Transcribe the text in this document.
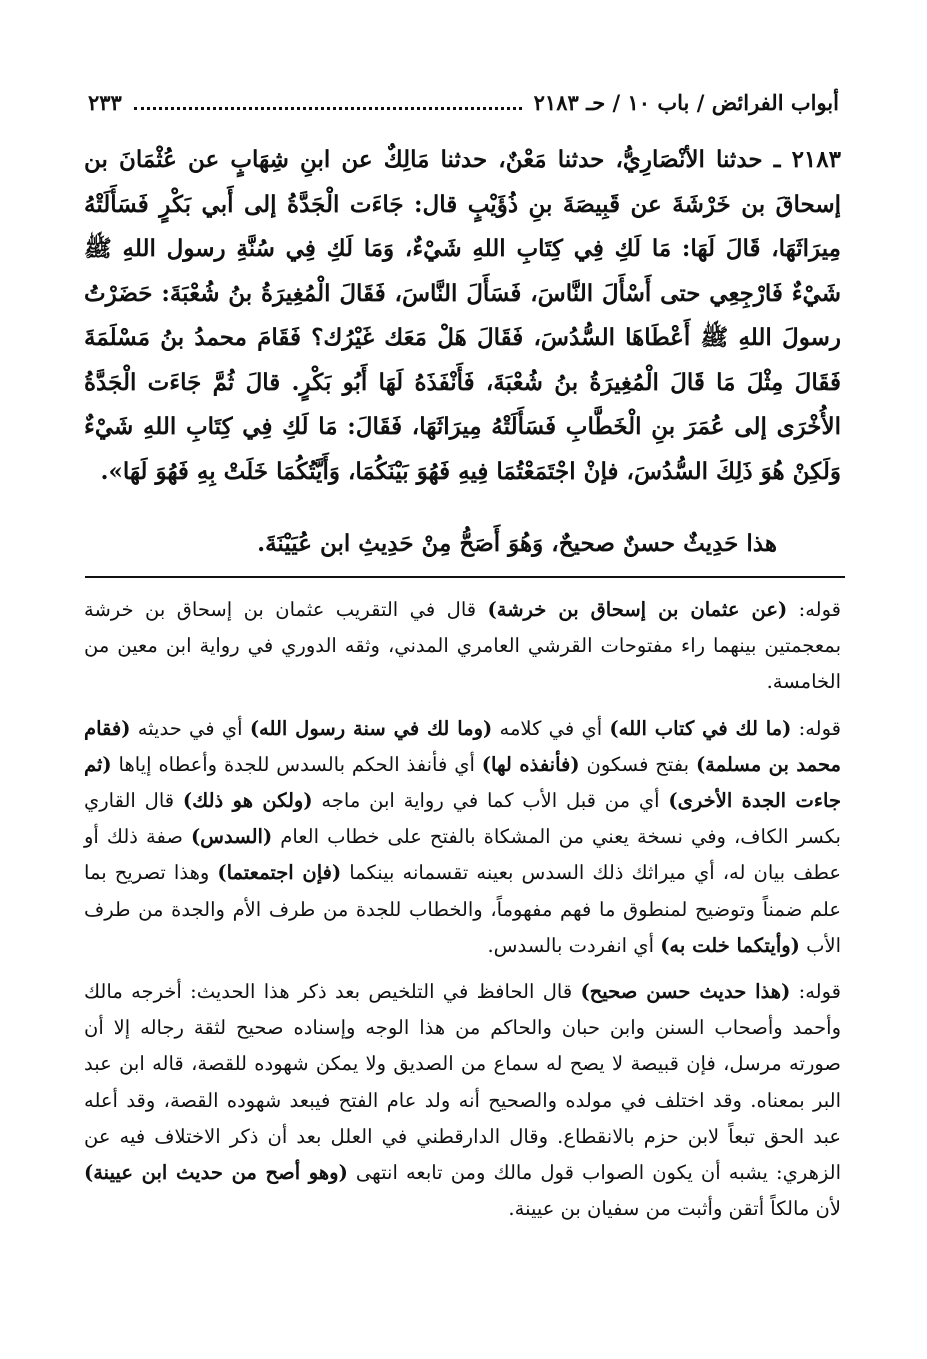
أبواب الفرائض / باب ١٠ / حـ ٢١٨٣
٢٣٣
٢١٨٣ ـ حدثنا الأنْصَارِيُّ، حدثنا مَعْنٌ، حدثنا مَالِكٌ عن ابنِ شِهَابٍ عن عُثْمَانَ بن إسحاقَ بن خَرْشَةَ عن قَبِيصَةَ بنِ ذُؤَيْبٍ قال: جَاءَت الْجَدَّةُ إلى أَبي بَكْرٍ فَسَأَلَتْهُ مِيرَاثَهَا، قَالَ لَهَا: مَا لَكِ فِي كِتَابِ اللهِ شَيْءٌ، وَمَا لَكِ فِي سُنَّةِ رسول اللهِ ﷺ شَيْءٌ فَارْجِعِي حتى أَسْأَلَ النَّاسَ، فَسَأَلَ النَّاسَ، فَقَالَ الْمُغِيرَةُ بنُ شُعْبَةَ: حَضَرْتُ رسولَ اللهِ ﷺ أَعْطَاهَا السُّدُسَ، فَقَالَ هَلْ مَعَك غَيْرُك؟ فَقَامَ محمدُ بنُ مَسْلَمَةَ فَقَالَ مِثْلَ مَا قَالَ الْمُغِيرَةُ بنُ شُعْبَةَ، فَأَنْفَذَهُ لَهَا أَبُو بَكْرٍ. قالَ ثُمَّ جَاءَت الْجَدَّةُ الأُخْرَى إلى عُمَرَ بنِ الْخَطَّابِ فَسَأَلَتْهُ مِيرَاثَهَا، فَقَالَ: مَا لَكِ فِي كِتَابِ اللهِ شَيْءٌ وَلَكِنْ هُوَ ذَلِكَ السُّدُسَ، فإنْ اجْتَمَعْتُمَا فِيهِ فَهُوَ بَيْنَكُمَا، وَأَيَّتُكُمَا خَلَتْ بِهِ فَهُوَ لَهَا».
هذا حَدِيثٌ حسنٌ صحيحٌ، وَهُوَ أَصَحُّ مِنْ حَدِيثِ ابن عُيَيْنَةَ.

قوله: (عن عثمان بن إسحاق بن خرشة) قال في التقريب عثمان بن إسحاق بن خرشة بمعجمتين بينهما راء مفتوحات القرشي العامري المدني، وثقه الدوري في رواية ابن معين من الخامسة.

قوله: (ما لك في كتاب الله) أي في كلامه (وما لك في سنة رسول الله) أي في حديثه (فقام محمد بن مسلمة) بفتح فسكون (فأنفذه لها) أي فأنفذ الحكم بالسدس للجدة وأعطاه إياها (ثم جاءت الجدة الأخرى) أي من قبل الأب كما في رواية ابن ماجه (ولكن هو ذلك) قال القاري بكسر الكاف، وفي نسخة يعني من المشكاة بالفتح على خطاب العام (السدس) صفة ذلك أو عطف بيان له، أي ميراثك ذلك السدس بعينه تقسمانه بينكما (فإن اجتمعتما) وهذا تصريح بما علم ضمناً وتوضيح لمنطوق ما فهم مفهوماً، والخطاب للجدة من طرف الأم والجدة من طرف الأب (وأيتكما خلت به) أي انفردت بالسدس.

قوله: (هذا حديث حسن صحيح) قال الحافظ في التلخيص بعد ذكر هذا الحديث: أخرجه مالك وأحمد وأصحاب السنن وابن حبان والحاكم من هذا الوجه وإسناده صحيح لثقة رجاله إلا أن صورته مرسل، فإن قبيصة لا يصح له سماع من الصديق ولا يمكن شهوده للقصة، قاله ابن عبد البر بمعناه. وقد اختلف في مولده والصحيح أنه ولد عام الفتح فيبعد شهوده القصة، وقد أعله عبد الحق تبعاً لابن حزم بالانقطاع. وقال الدارقطني في العلل بعد أن ذكر الاختلاف فيه عن الزهري: يشبه أن يكون الصواب قول مالك ومن تابعه انتهى (وهو أصح من حديث ابن عيينة) لأن مالكاً أتقن وأثبت من سفيان بن عيينة.
